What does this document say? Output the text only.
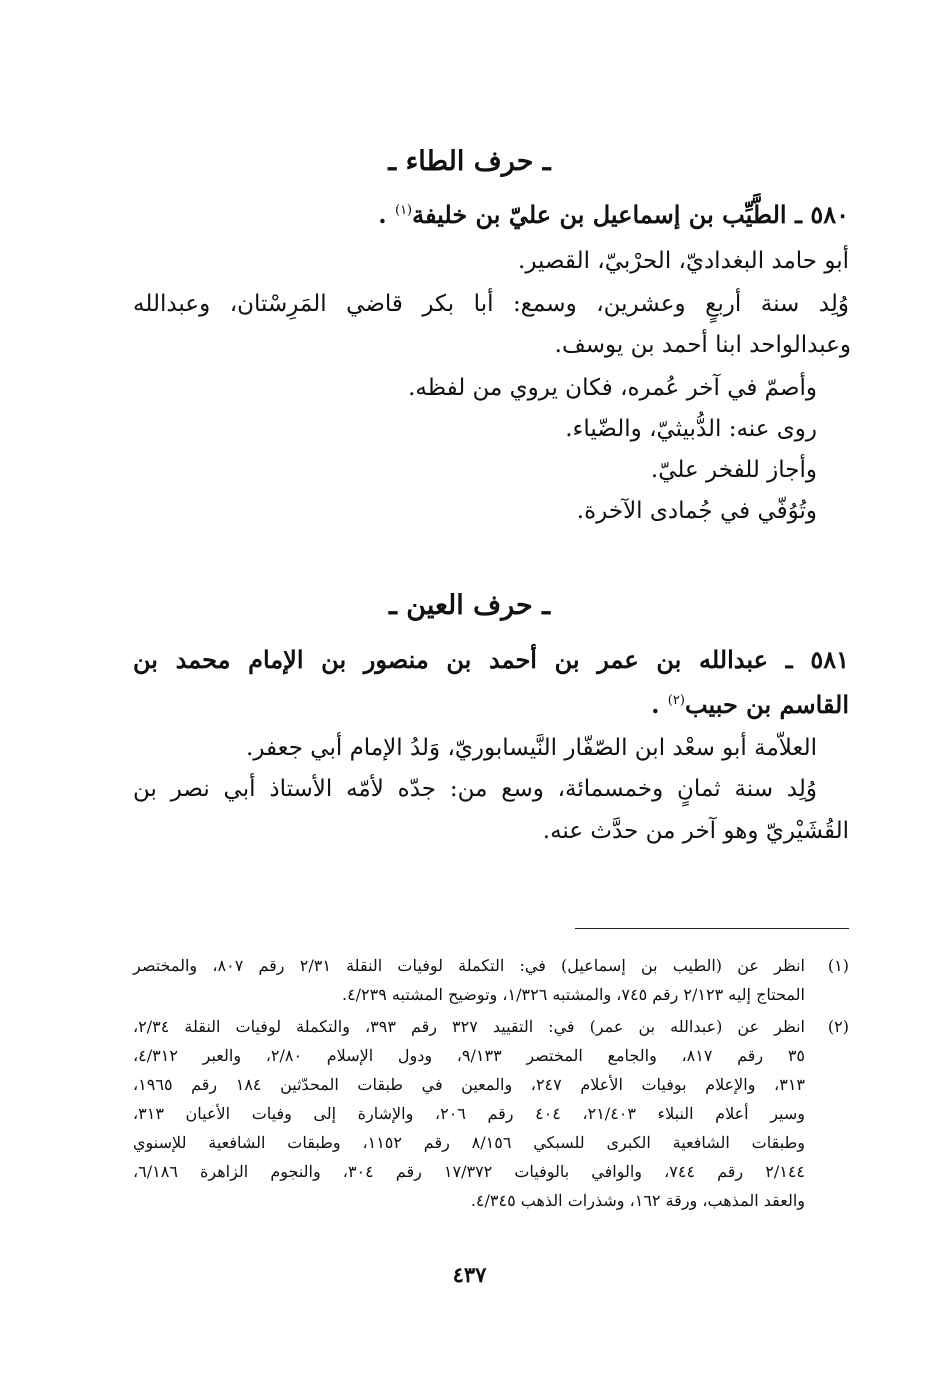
ـ حرف الطاء ـ
٥٨٠ ـ الطَّيِّب بن إسماعيل بن عليّ بن خليفة$^{(١)}$ .
أبو حامد البغداديّ، الحرْبيّ، القصير.
وُلِد سنة أربعٍ وعشرين، وسمع: أبا بكر قاضي المَرِسْتان، وعبدالله
وعبدالواحد ابنا أحمد بن يوسف.
وأصمّ في آخر عُمره، فكان يروي من لفظه.
روى عنه: الدُّبيثيّ، والضّياء.
وأجاز للفخر عليّ.
وتُوُفّي في جُمادى الآخرة.
ـ حرف العين ـ
٥٨١ ـ عبدالله بن عمر بن أحمد بن منصور بن الإمام محمد بن
القاسم بن حبيب$^{(٢)}$ .
العلاّمة أبو سعْد ابن الصّفّار النَّيسابوريّ، وَلدُ الإمام أبي جعفر.
وُلِد سنة ثمانٍ وخمسمائة، وسع من: جدّه لأمّه الأستاذ أبي نصر بن
القُشَيْريّ وهو آخر من حدَّث عنه.
(١)
انظر عن (الطيب بن إسماعيل) في: التكملة لوفيات النقلة ٢/٣١ رقم ٨٠٧، والمختصر
المحتاج إليه ٢/١٢٣ رقم ٧٤٥، والمشتبه ١/٣٢٦، وتوضيح المشتبه ٤/٢٣٩.
(٢)
انظر عن (عبدالله بن عمر) في: التقييد ٣٢٧ رقم ٣٩٣، والتكملة لوفيات النقلة ٢/٣٤،
٣٥ رقم ٨١٧، والجامع المختصر ٩/١٣٣، ودول الإسلام ٢/٨٠، والعبر ٤/٣١٢،
٣١٣، والإعلام بوفيات الأعلام ٢٤٧، والمعين في طبقات المحدّثين ١٨٤ رقم ١٩٦٥،
وسير أعلام النبلاء ٢١/٤٠٣، ٤٠٤ رقم ٢٠٦، والإشارة إلى وفيات الأعيان ٣١٣،
وطبقات الشافعية الكبرى للسبكي ٨/١٥٦ رقم ١١٥٢، وطبقات الشافعية للإسنوي
٢/١٤٤ رقم ٧٤٤، والوافي بالوفيات ١٧/٣٧٢ رقم ٣٠٤، والنجوم الزاهرة ٦/١٨٦،
والعقد المذهب، ورقة ١٦٢، وشذرات الذهب ٤/٣٤٥.
٤٣٧
